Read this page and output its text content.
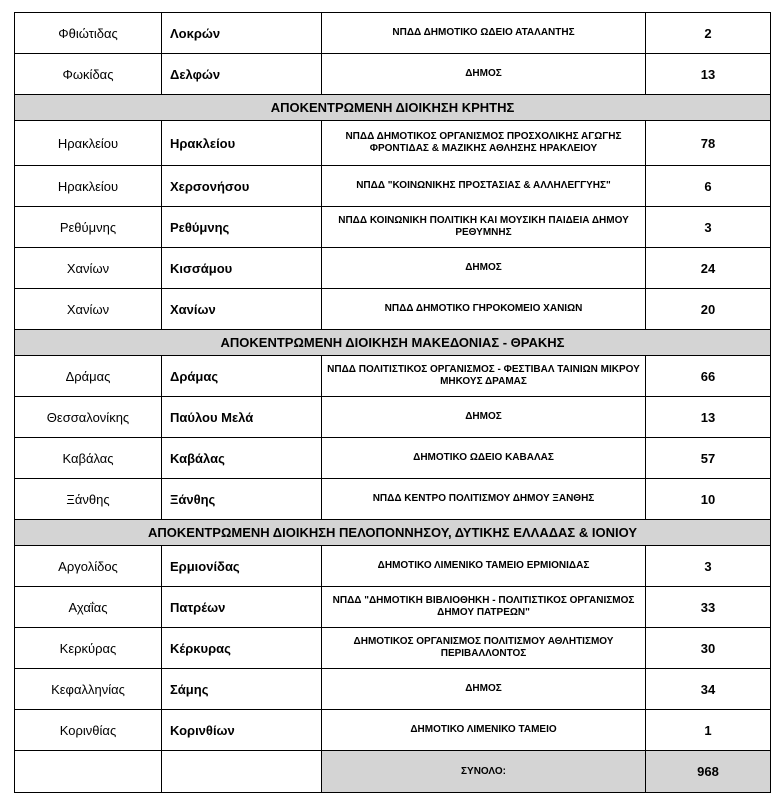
Φθιώτιδας	Λοκρών	ΝΠΔΔ ΔΗΜΟΤΙΚΟ ΩΔΕΙΟ ΑΤΑΛΑΝΤΗΣ	2
Φωκίδας	Δελφών	ΔΗΜΟΣ	13
ΑΠΟΚΕΝΤΡΩΜΕΝΗ ΔΙΟΙΚΗΣΗ ΚΡΗΤΗΣ			
Ηρακλείου	Ηρακλείου	ΝΠΔΔ ΔΗΜΟΤΙΚΟΣ ΟΡΓΑΝΙΣΜΟΣ ΠΡΟΣΧΟΛΙΚΗΣ ΑΓΩΓΗΣ ΦΡΟΝΤΙΔΑΣ & ΜΑΖΙΚΗΣ ΑΘΛΗΣΗΣ ΗΡΑΚΛΕΙΟΥ	78
Ηρακλείου	Χερσονήσου	ΝΠΔΔ "ΚΟΙΝΩΝΙΚΗΣ ΠΡΟΣΤΑΣΙΑΣ & ΑΛΛΗΛΕΓΓΥΗΣ"	6
Ρεθύμνης	Ρεθύμνης	ΝΠΔΔ ΚΟΙΝΩΝΙΚΗ ΠΟΛΙΤΙΚΗ ΚΑΙ ΜΟΥΣΙΚΗ ΠΑΙΔΕΙΑ ΔΗΜΟΥ ΡΕΘΥΜΝΗΣ	3
Χανίων	Κισσάμου	ΔΗΜΟΣ	24
Χανίων	Χανίων	ΝΠΔΔ ΔΗΜΟΤΙΚΟ ΓΗΡΟΚΟΜΕΙΟ ΧΑΝΙΩΝ	20
ΑΠΟΚΕΝΤΡΩΜΕΝΗ ΔΙΟΙΚΗΣΗ ΜΑΚΕΔΟΝΙΑΣ - ΘΡΑΚΗΣ			
Δράμας	Δράμας	ΝΠΔΔ ΠΟΛΙΤΙΣΤΙΚΟΣ ΟΡΓΑΝΙΣΜΟΣ - ΦΕΣΤΙΒΑΛ ΤΑΙΝΙΩΝ ΜΙΚΡΟΥ ΜΗΚΟΥΣ ΔΡΑΜΑΣ	66
Θεσσαλονίκης	Παύλου Μελά	ΔΗΜΟΣ	13
Καβάλας	Καβάλας	ΔΗΜΟΤΙΚΟ ΩΔΕΙΟ ΚΑΒΑΛΑΣ	57
Ξάνθης	Ξάνθης	ΝΠΔΔ ΚΕΝΤΡΟ ΠΟΛΙΤΙΣΜΟΥ ΔΗΜΟΥ ΞΑΝΘΗΣ	10
ΑΠΟΚΕΝΤΡΩΜΕΝΗ ΔΙΟΙΚΗΣΗ ΠΕΛΟΠΟΝΝΗΣΟΥ, ΔΥΤΙΚΗΣ ΕΛΛΑΔΑΣ & ΙΟΝΙΟΥ			
Αργολίδος	Ερμιονίδας	ΔΗΜΟΤΙΚΟ ΛΙΜΕΝΙΚΟ ΤΑΜΕΙΟ ΕΡΜΙΟΝΙΔΑΣ	3
Αχαΐας	Πατρέων	ΝΠΔΔ "ΔΗΜΟΤΙΚΗ ΒΙΒΛΙΟΘΗΚΗ - ΠΟΛΙΤΙΣΤΙΚΟΣ ΟΡΓΑΝΙΣΜΟΣ ΔΗΜΟΥ ΠΑΤΡΕΩΝ"	33
Κερκύρας	Κέρκυρας	ΔΗΜΟΤΙΚΟΣ ΟΡΓΑΝΙΣΜΟΣ ΠΟΛΙΤΙΣΜΟΥ ΑΘΛΗΤΙΣΜΟΥ ΠΕΡΙΒΑΛΛΟΝΤΟΣ	30
Κεφαλληνίας	Σάμης	ΔΗΜΟΣ	34
Κορινθίας	Κορινθίων	ΔΗΜΟΤΙΚΟ ΛΙΜΕΝΙΚΟ ΤΑΜΕΙΟ	1
		ΣΥΝΟΛΟ:	968
